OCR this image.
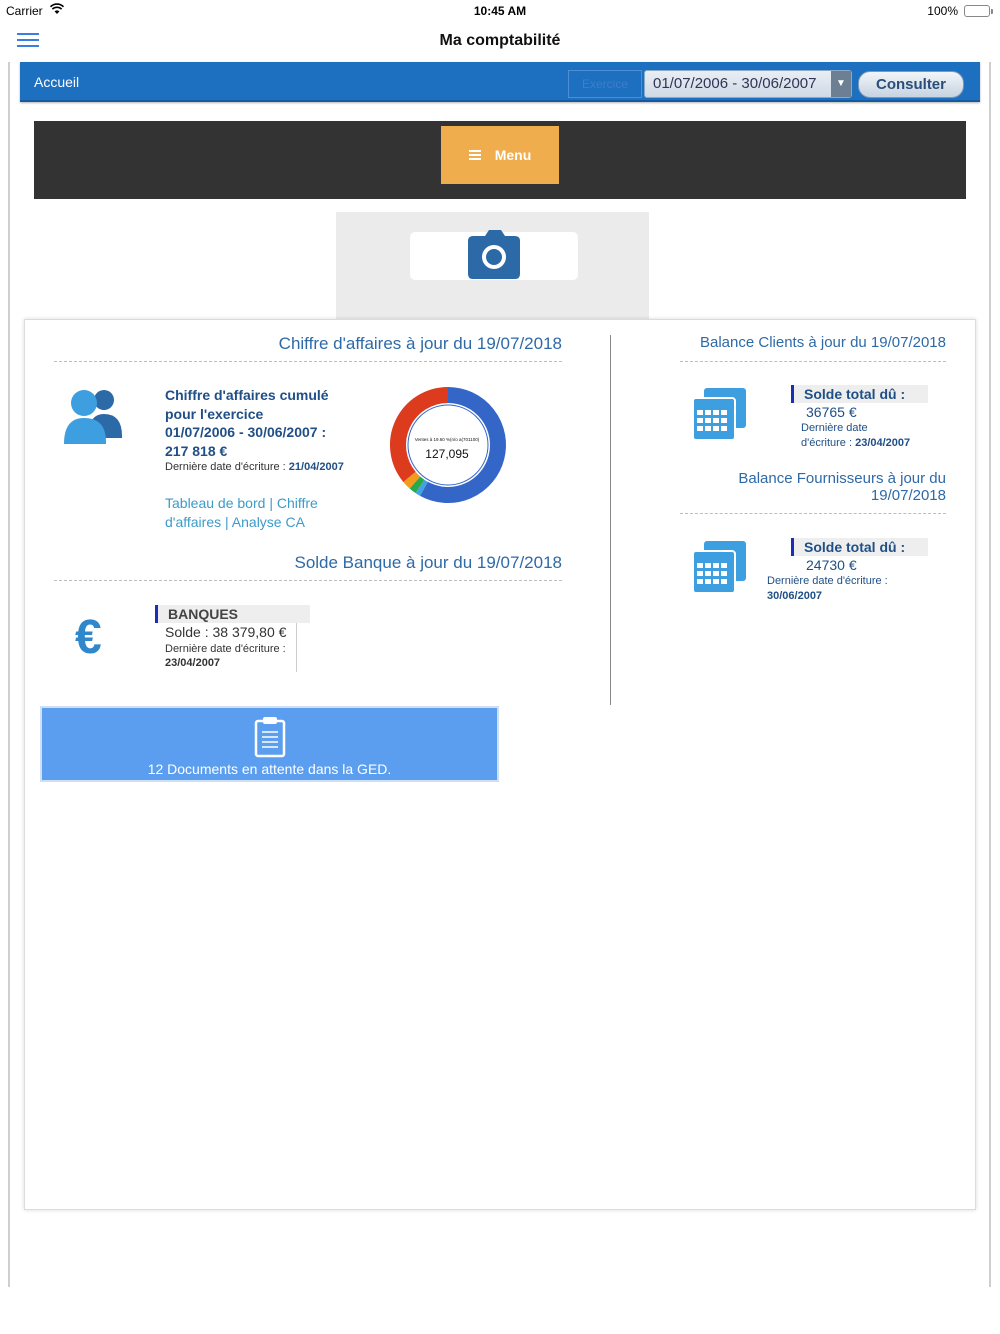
Carrier	10:45 AM	100%
Ma comptabilité
Accueil	Exercice	01/07/2006 - 30/06/2007	▼	Consulter
Menu
Chiffre d'affaires à jour du 19/07/2018
Chiffre d'affaires cumulé
pour l'exercice
01/07/2006 - 30/06/2007 :
217 818 €
Dernière date d'écriture : 21/04/2007
Tableau de bord | Chiffre d'affaires | Analyse CA
Ventes à 19.60 %(n/o a(701100)
127,095
Solde Banque à jour du 19/07/2018
€	BANQUES
Solde : 38 379,80 €
Dernière date d'écriture :
23/04/2007
Balance Clients à jour du 19/07/2018
Solde total dû :
36765 €
Dernière date
d'écriture : 23/04/2007
Balance Fournisseurs à jour du
19/07/2018
Solde total dû :
24730 €
Dernière date d'écriture :
30/06/2007
12 Documents en attente dans la GED.
